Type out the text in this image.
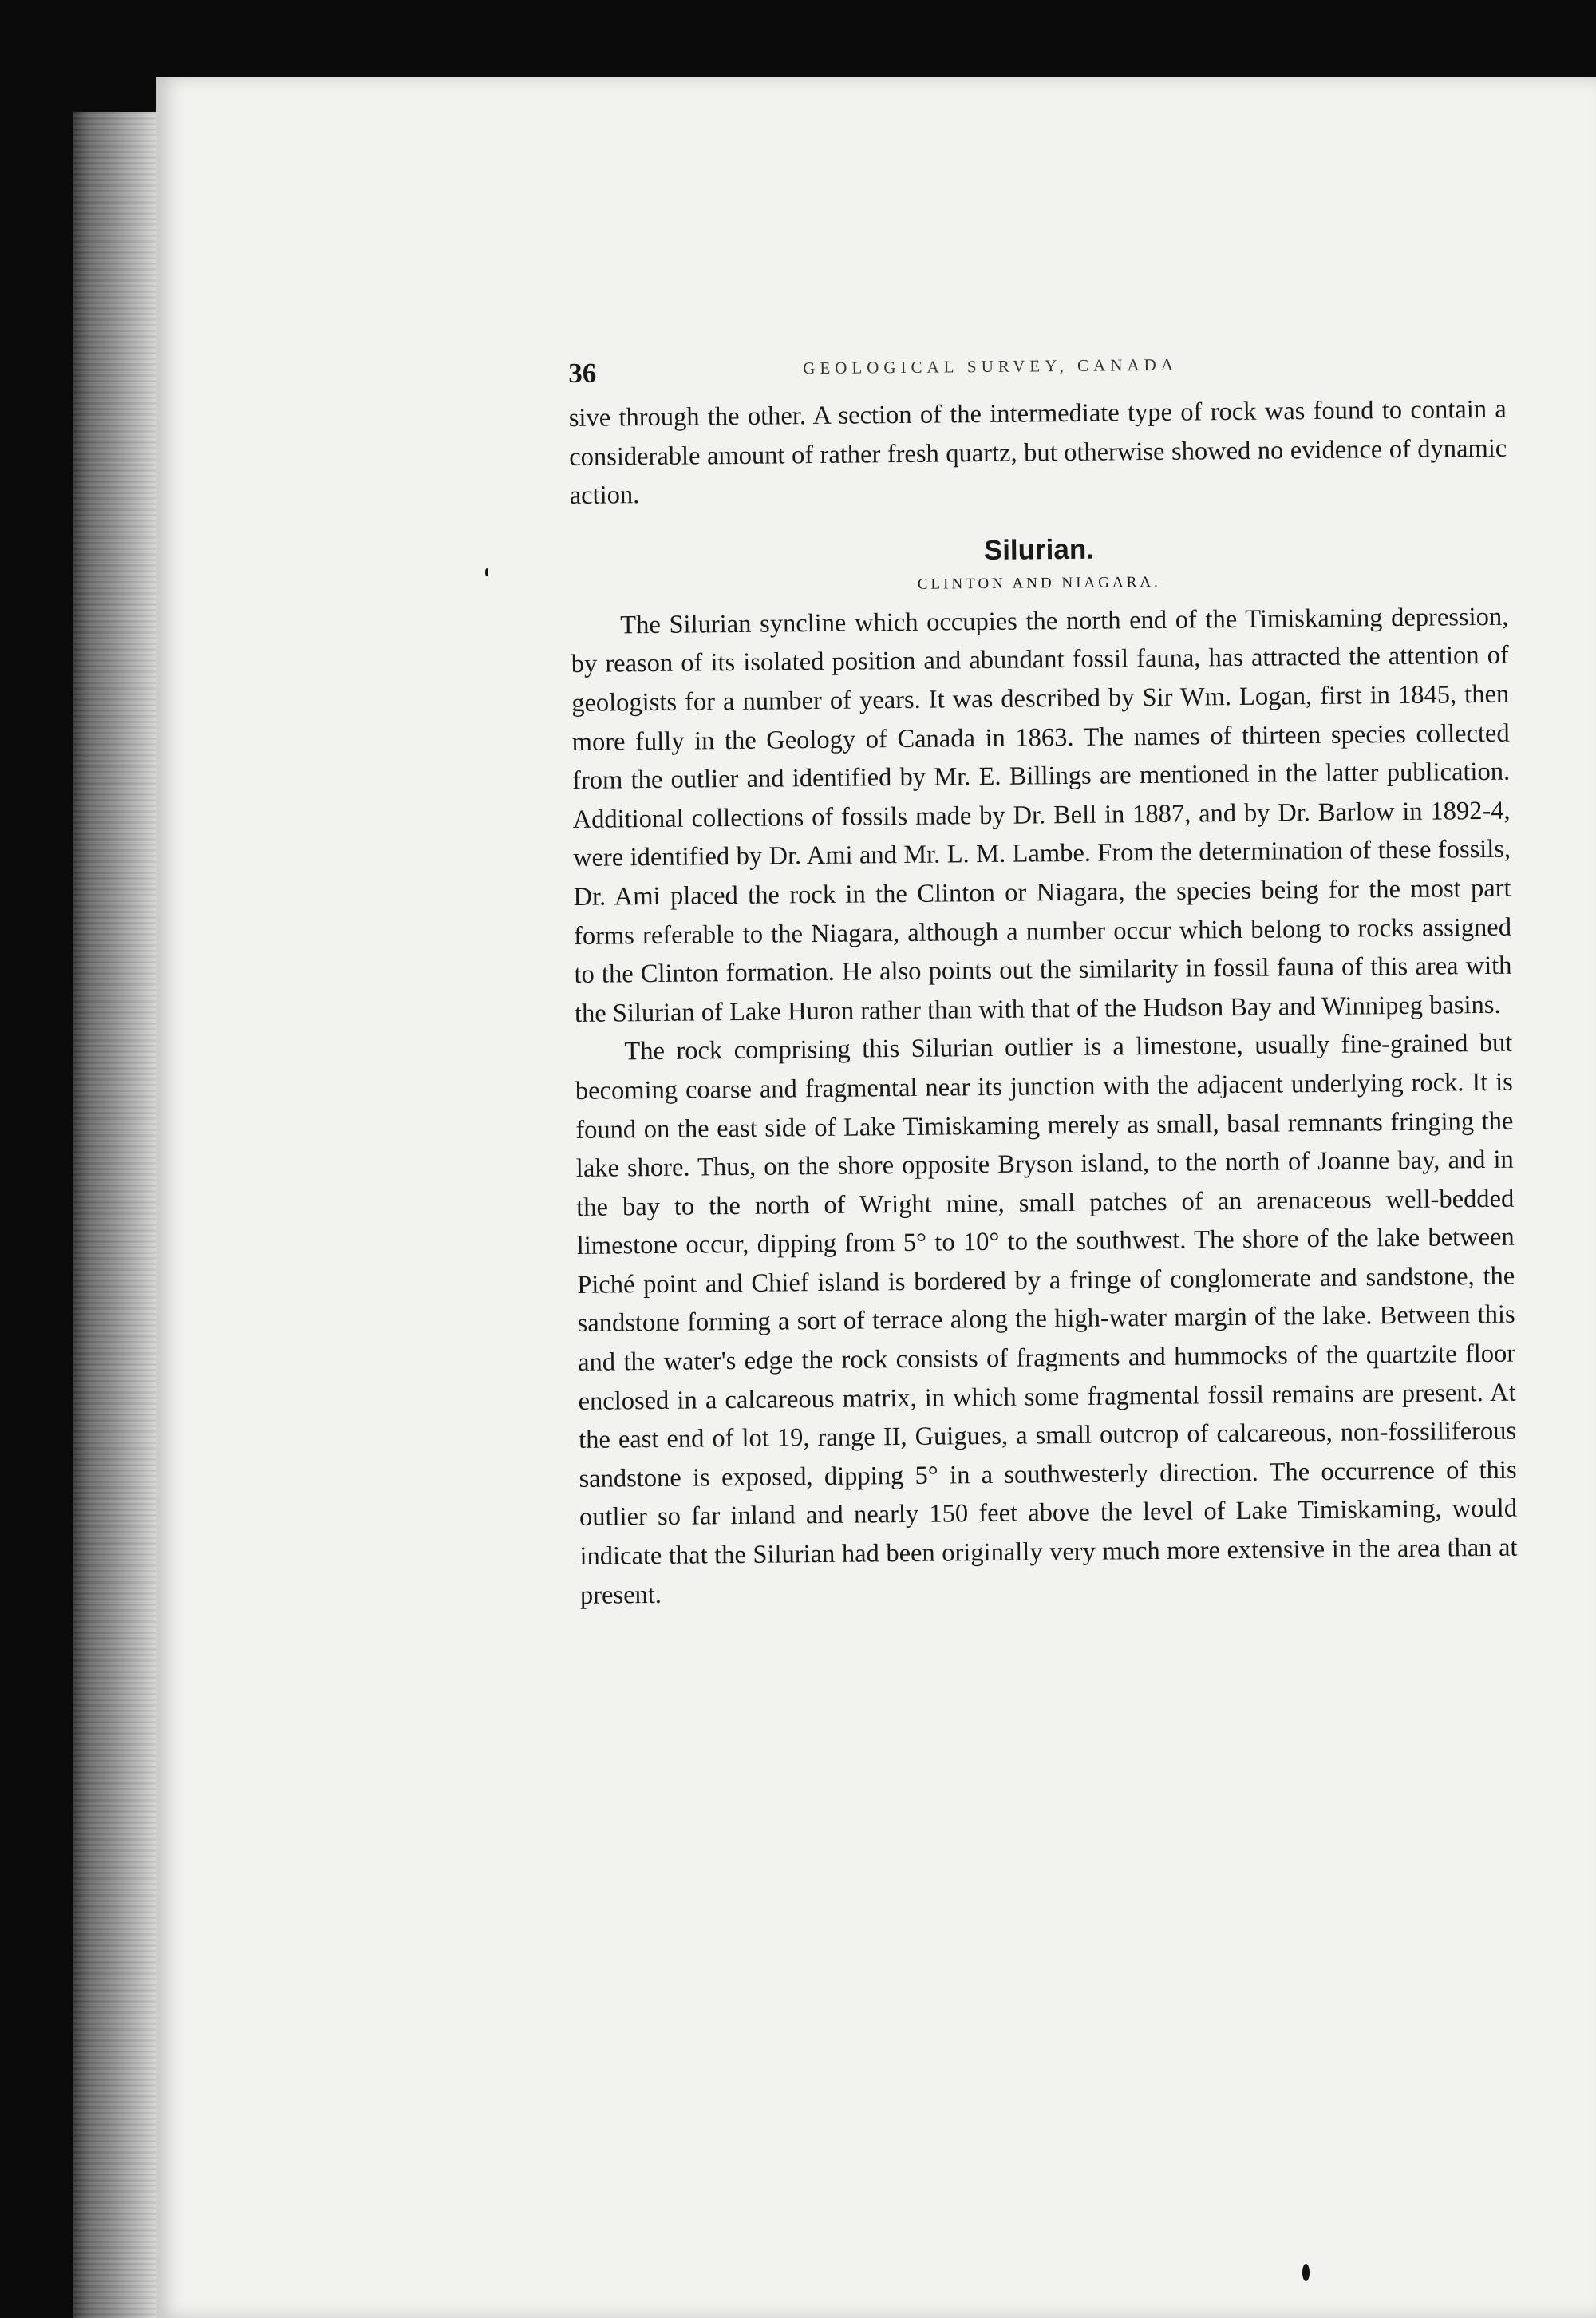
36	GEOLOGICAL SURVEY, CANADA

sive through the other. A section of the intermediate type of rock was found to contain a considerable amount of rather fresh quartz, but otherwise showed no evidence of dynamic action.

Silurian.
CLINTON AND NIAGARA.

The Silurian syncline which occupies the north end of the Timiskaming depression, by reason of its isolated position and abundant fossil fauna, has attracted the attention of geologists for a number of years. It was described by Sir Wm. Logan, first in 1845, then more fully in the Geology of Canada in 1863. The names of thirteen species collected from the outlier and identified by Mr. E. Billings are mentioned in the latter publication. Additional collections of fossils made by Dr. Bell in 1887, and by Dr. Barlow in 1892-4, were identified by Dr. Ami and Mr. L. M. Lambe. From the determination of these fossils, Dr. Ami placed the rock in the Clinton or Niagara, the species being for the most part forms referable to the Niagara, although a number occur which belong to rocks assigned to the Clinton formation. He also points out the similarity in fossil fauna of this area with the Silurian of Lake Huron rather than with that of the Hudson Bay and Winnipeg basins.

The rock comprising this Silurian outlier is a limestone, usually fine-grained but becoming coarse and fragmental near its junction with the adjacent underlying rock. It is found on the east side of Lake Timiskaming merely as small, basal remnants fringing the lake shore. Thus, on the shore opposite Bryson island, to the north of Joanne bay, and in the bay to the north of Wright mine, small patches of an arenaceous well-bedded limestone occur, dipping from 5° to 10° to the southwest. The shore of the lake between Piché point and Chief island is bordered by a fringe of conglomerate and sandstone, the sandstone forming a sort of terrace along the high-water margin of the lake. Between this and the water's edge the rock consists of fragments and hummocks of the quartzite floor enclosed in a calcareous matrix, in which some fragmental fossil remains are present. At the east end of lot 19, range II, Guigues, a small outcrop of calcareous, non-fossiliferous sandstone is exposed, dipping 5° in a southwesterly direction. The occurrence of this outlier so far inland and nearly 150 feet above the level of Lake Timiskaming, would indicate that the Silurian had been originally very much more extensive in the area than at present.
